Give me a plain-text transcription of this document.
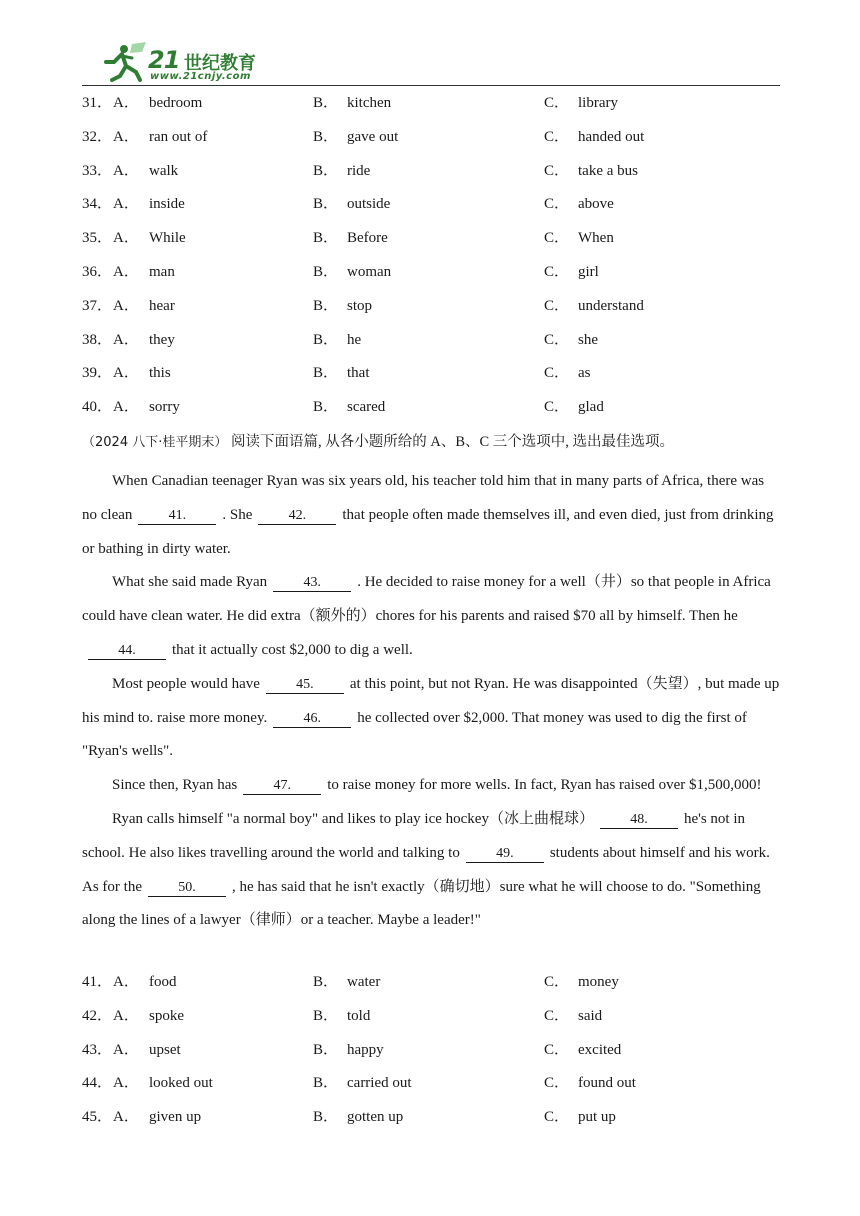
21 世纪教育
www.21cnjy.com
31． A． bedroom	B． kitchen	C． library
32． A． ran out of	B． gave out	C． handed out
33． A． walk	B． ride	C． take a bus
34． A． inside	B． outside	C． above
35． A． While	B． Before	C． When
36． A． man	B． woman	C． girl
37． A． hear	B． stop	C． understand
38． A． they	B． he	C． she
39． A． this	B． that	C． as
40． A． sorry	B． scared	C． glad
（2024 八下·桂平期末） 阅读下面语篇, 从各小题所给的 A、B、C 三个选项中, 选出最佳选项。

When Canadian teenager Ryan was six years old, his teacher told him that in many parts of Africa, there was no clean	41. . She	42. that people often made themselves ill, and even died, just from drinking or bathing in dirty water.

What she said made Ryan	43. . He decided to raise money for a well（井）so that people in Africa could have clean water. He did extra（额外的）chores for his parents and raised $70 all by himself. Then he44. that it actually cost $2,000 to dig a well.

Most people would have	45. at this point, but not Ryan. He was disappointed（失望）, but made up his mind to. raise more money.	46. he collected over $2,000. That money was used to dig the first of "Ryan's wells".

Since then, Ryan has	47. to raise money for more wells. In fact, Ryan has raised over $1,500,000!

Ryan calls himself "a normal boy" and likes to play ice hockey（冰上曲棍球）	48. he's not in school. He also likes travelling around the world and talking to	49. students about himself and his work. As for the	50. , he has said that he isn't exactly（确切地）sure what he will choose to do. "Something along the lines of a lawyer（律师）or a teacher. Maybe a leader!"

41． A． food	B． water	C． money
42． A． spoke	B． told	C． said
43． A． upset	B． happy	C． excited
44． A． looked out	B． carried out	C． found out
45． A． given up	B． gotten up	C． put up
